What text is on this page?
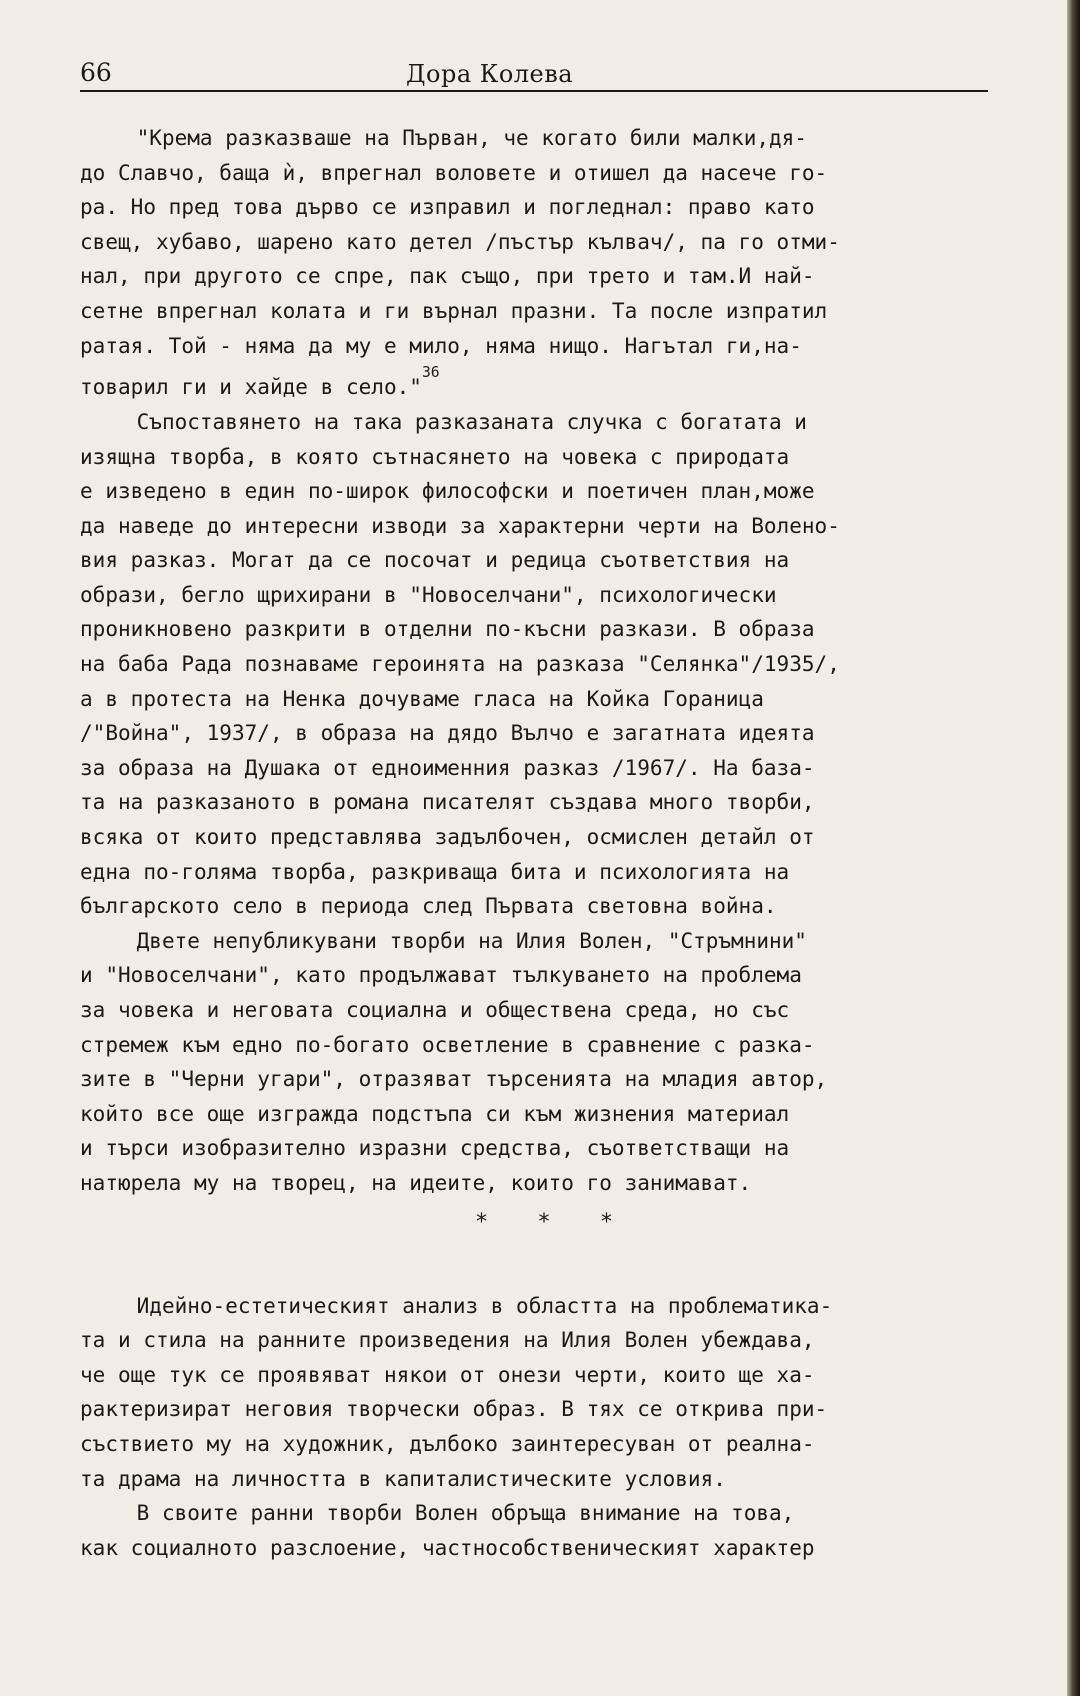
66	Дора Колева

"Крема разказваше на Първан, че когато били малки,дя-
до Славчо, баща ѝ, впрегнал воловете и отишел да насече го-
ра. Но пред това дърво се изправил и погледнал: право като
свещ, хубаво, шарено като детел /пъстър кълвач/, па го отми-
нал, при другото се спре, пак също, при трето и там.И най-
сетне впрегнал колата и ги върнал празни. Та после изпратил
ратая. Той - няма да му е мило, няма нищо. Нагътал ги,на-
товарил ги и хайде в село."$^{36}$

Съпоставянето на така разказаната случка с богатата и
изящна творба, в която сътнасянето на човека с природата
е изведено в един по-широк философски и поетичен план,може
да наведе до интересни изводи за характерни черти на Воленo-
вия разказ. Могат да се посочат и редица съответствия на
образи, бегло щрихирани в "Новоселчани", психологически
проникновено разкрити в отделни по-късни разкази. В образа
на баба Рада познаваме героинята на разказа "Селянка"/1935/,
а в протеста на Ненка дочуваме гласа на Койка Гораница
/"Война", 1937/, в образа на дядо Вълчо е загатната идеята
за образа на Душака от едноименния разказ /1967/. На база-
та на разказаното в романа писателят създава много творби,
всяка от които представлява задълбочен, осмислен детайл от
една по-голяма творба, разкриваща бита и психологията на
българското село в периода след Първата световна война.

Двете непубликувани творби на Илия Волен, "Стръмнини"
и "Новоселчани", като продължават тълкуването на проблема
за човека и неговата социална и обществена среда, но със
стремеж към едно по-богато осветление в сравнение с разка-
зите в "Черни угари", отразяват търсенията на младия автор,
който все още изгражда подстъпа си към жизнения материал
и търси изобразително изразни средства, съответстващи на
натюрела му на творец, на идеите, които го занимават.

* * *

Идейно-естетическият анализ в областта на проблематика-
та и стила на ранните произведения на Илия Волен убеждава,
че още тук се проявяват някои от онези черти, които ще ха-
рактеризират неговия творчески образ. В тях се открива при-
съствието му на художник, дълбоко заинтересуван от реална-
та драма на личността в капиталистическите условия.

В своите ранни творби Волен обръща внимание на това,
как социалното разслоение, частнособственическият характер
